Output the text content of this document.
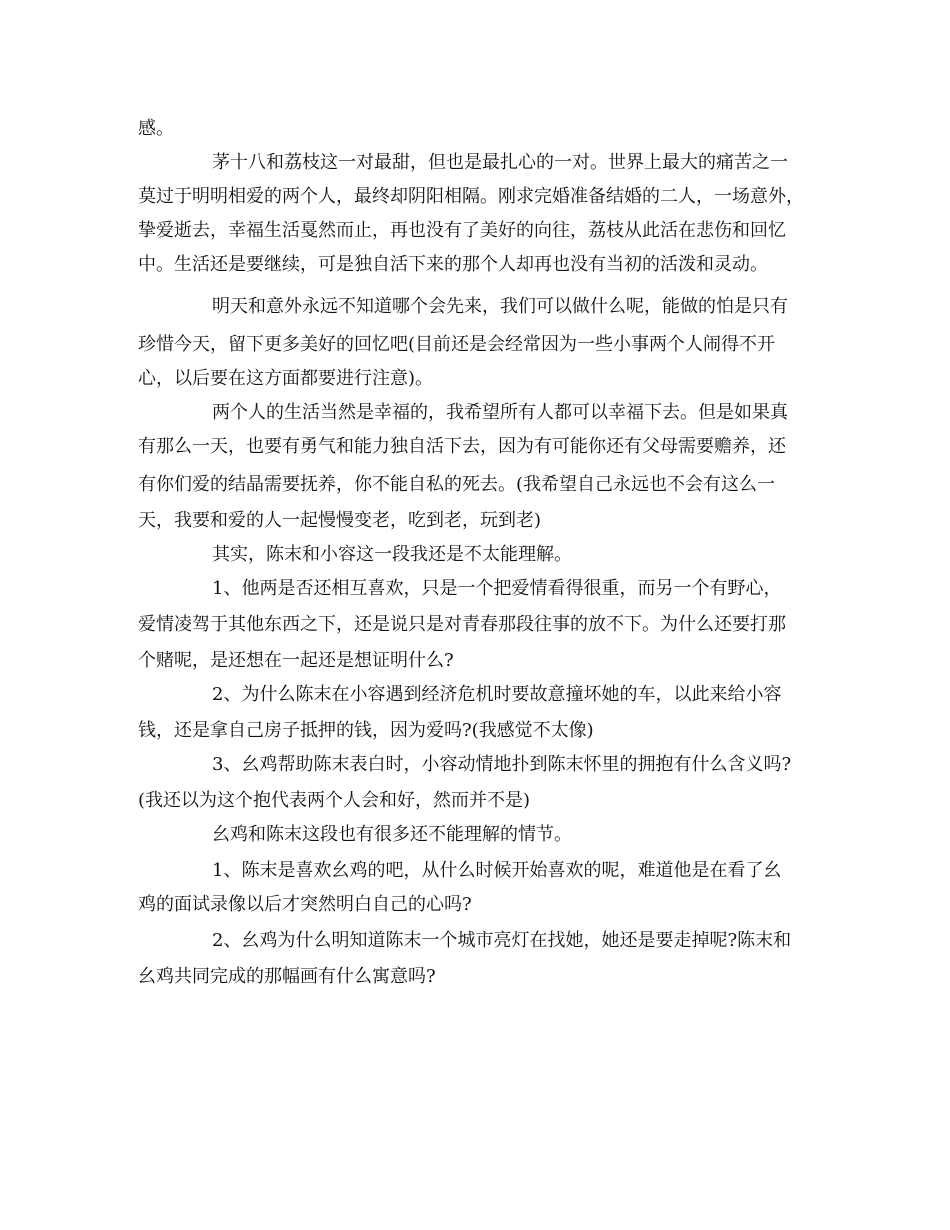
感。
茅十八和荔枝这一对最甜，但也是最扎心的一对。世界上最大的痛苦之一
莫过于明明相爱的两个人，最终却阴阳相隔。刚求完婚准备结婚的二人，一场意外，
挚爱逝去，幸福生活戛然而止，再也没有了美好的向往，荔枝从此活在悲伤和回忆
中。生活还是要继续，可是独自活下来的那个人却再也没有当初的活泼和灵动。
明天和意外永远不知道哪个会先来，我们可以做什么呢，能做的怕是只有
珍惜今天，留下更多美好的回忆吧(目前还是会经常因为一些小事两个人闹得不开
心，以后要在这方面都要进行注意)。
两个人的生活当然是幸福的，我希望所有人都可以幸福下去。但是如果真
有那么一天，也要有勇气和能力独自活下去，因为有可能你还有父母需要赡养，还
有你们爱的结晶需要抚养，你不能自私的死去。(我希望自己永远也不会有这么一
天，我要和爱的人一起慢慢变老，吃到老，玩到老)
其实，陈末和小容这一段我还是不太能理解。
1、他两是否还相互喜欢，只是一个把爱情看得很重，而另一个有野心，
爱情凌驾于其他东西之下，还是说只是对青春那段往事的放不下。为什么还要打那
个赌呢，是还想在一起还是想证明什么?
2、为什么陈末在小容遇到经济危机时要故意撞坏她的车，以此来给小容
钱，还是拿自己房子抵押的钱，因为爱吗?(我感觉不太像)
3、幺鸡帮助陈末表白时，小容动情地扑到陈末怀里的拥抱有什么含义吗?
(我还以为这个抱代表两个人会和好，然而并不是)
幺鸡和陈末这段也有很多还不能理解的情节。
1、陈末是喜欢幺鸡的吧，从什么时候开始喜欢的呢，难道他是在看了幺
鸡的面试录像以后才突然明白自己的心吗?
2、幺鸡为什么明知道陈末一个城市亮灯在找她，她还是要走掉呢?陈末和
幺鸡共同完成的那幅画有什么寓意吗?
